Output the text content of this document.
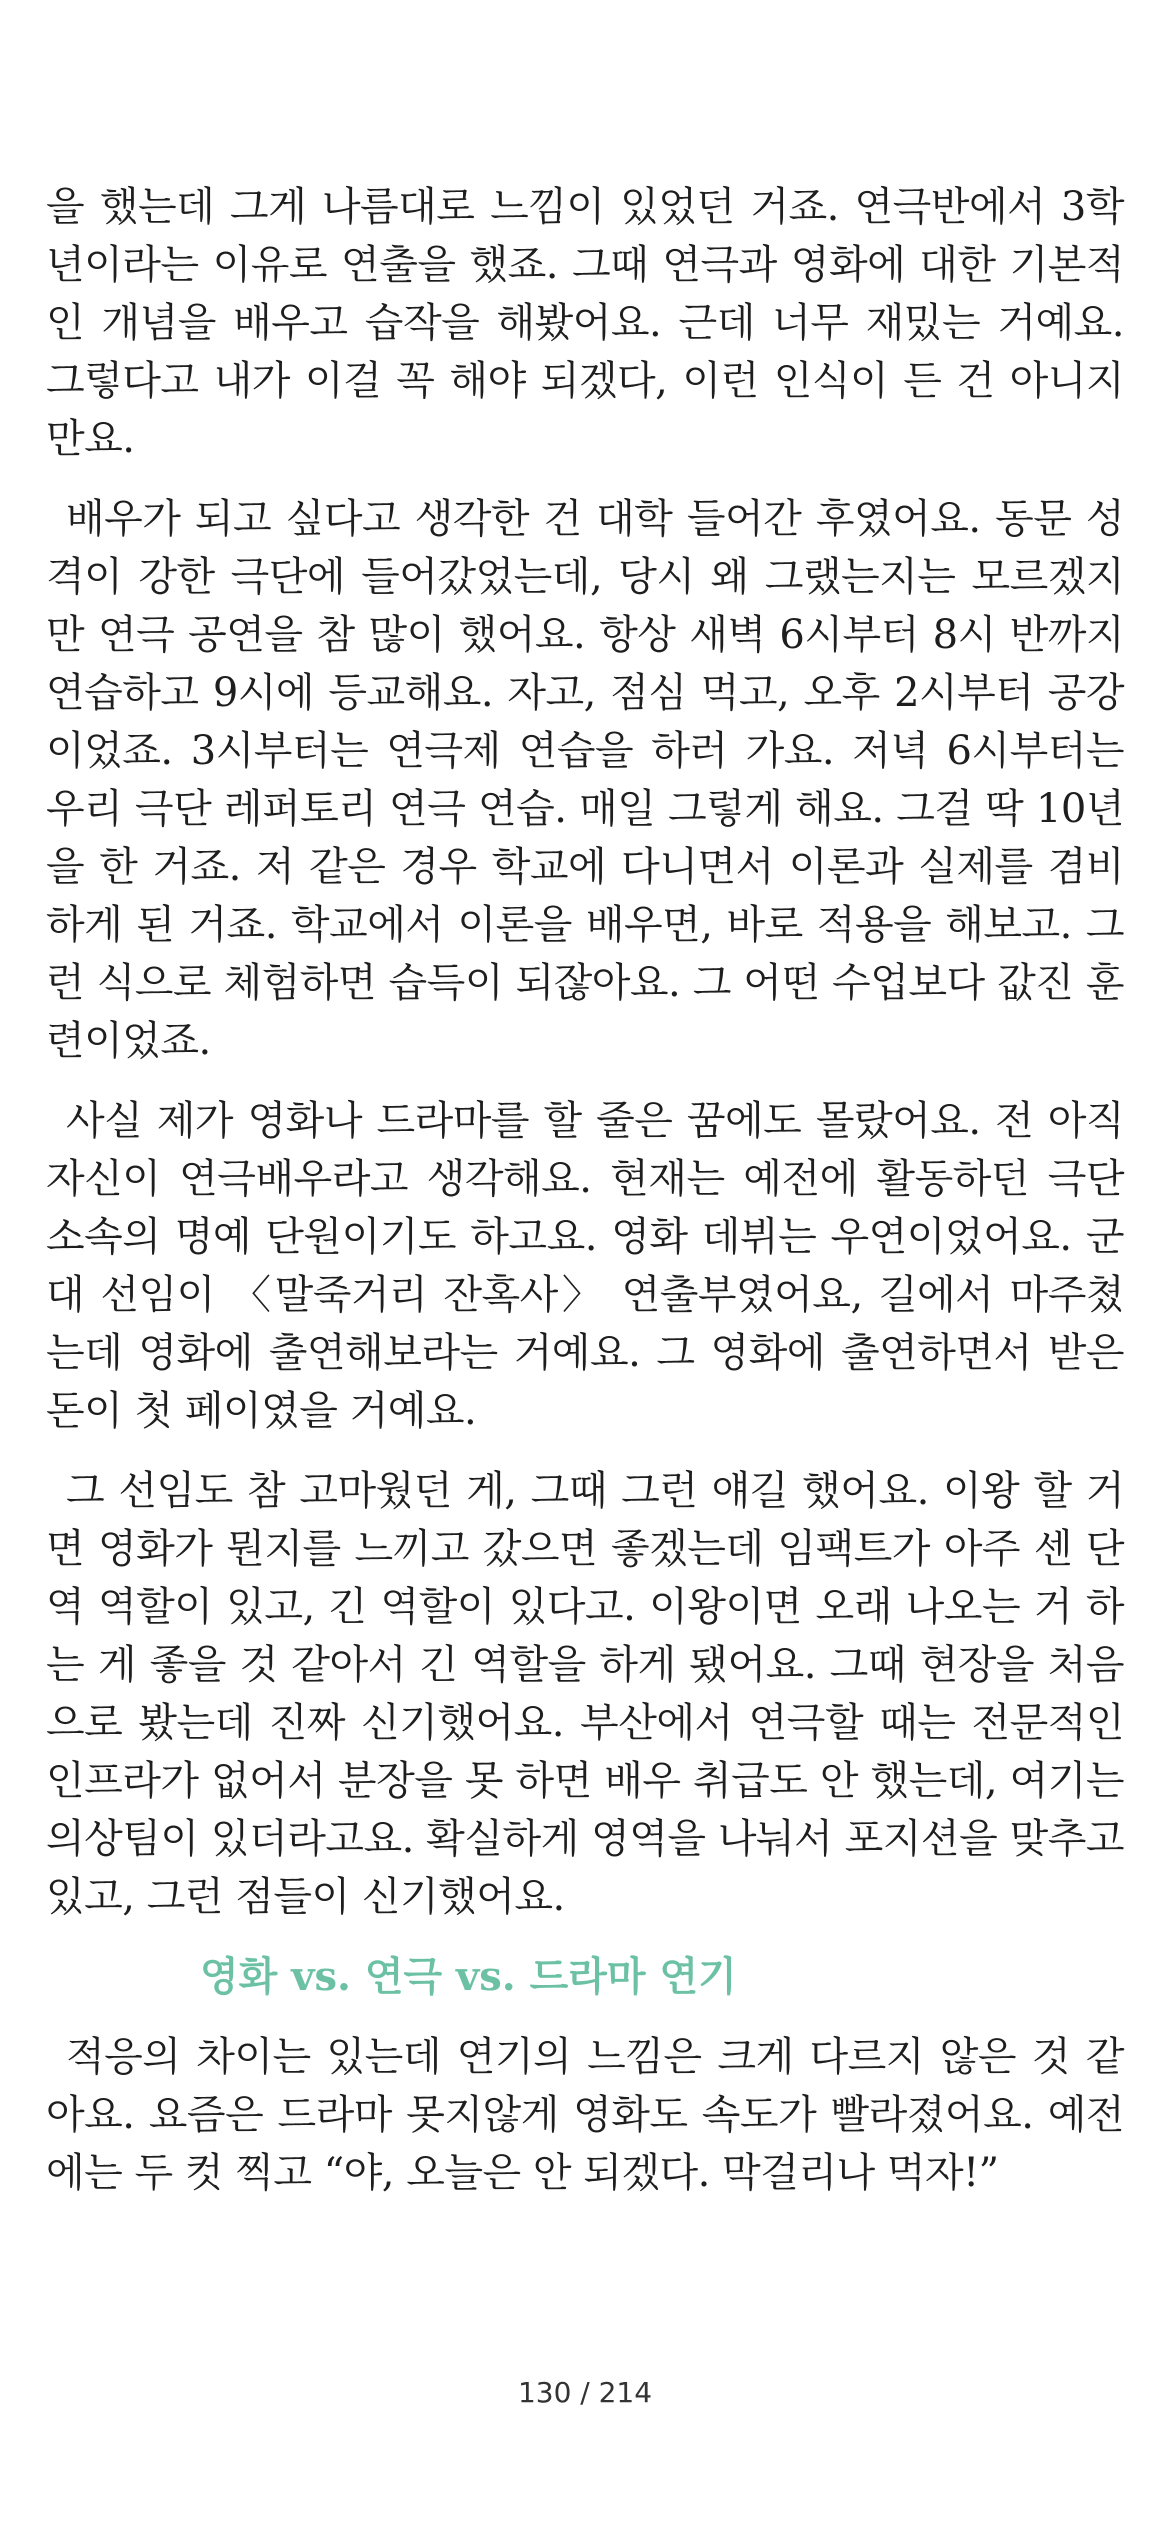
을 했는데 그게 나름대로 느낌이 있었던 거죠. 연극반에서 3학년이라는 이유로 연출을 했죠. 그때 연극과 영화에 대한 기본적인 개념을 배우고 습작을 해봤어요. 근데 너무 재밌는 거예요. 그렇다고 내가 이걸 꼭 해야 되겠다, 이런 인식이 든 건 아니지만요.

배우가 되고 싶다고 생각한 건 대학 들어간 후였어요. 동문 성격이 강한 극단에 들어갔었는데, 당시 왜 그랬는지는 모르겠지만 연극 공연을 참 많이 했어요. 항상 새벽 6시부터 8시 반까지 연습하고 9시에 등교해요. 자고, 점심 먹고, 오후 2시부터 공강이었죠. 3시부터는 연극제 연습을 하러 가요. 저녁 6시부터는 우리 극단 레퍼토리 연극 연습. 매일 그렇게 해요. 그걸 딱 10년을 한 거죠. 저 같은 경우 학교에 다니면서 이론과 실제를 겸비하게 된 거죠. 학교에서 이론을 배우면, 바로 적용을 해보고. 그런 식으로 체험하면 습득이 되잖아요. 그 어떤 수업보다 값진 훈련이었죠.

사실 제가 영화나 드라마를 할 줄은 꿈에도 몰랐어요. 전 아직 자신이 연극배우라고 생각해요. 현재는 예전에 활동하던 극단 소속의 명예 단원이기도 하고요. 영화 데뷔는 우연이었어요. 군대 선임이 〈말죽거리 잔혹사〉 연출부였어요, 길에서 마주쳤는데 영화에 출연해보라는 거예요. 그 영화에 출연하면서 받은 돈이 첫 페이였을 거예요.

그 선임도 참 고마웠던 게, 그때 그런 얘길 했어요. 이왕 할 거면 영화가 뭔지를 느끼고 갔으면 좋겠는데 임팩트가 아주 센 단역 역할이 있고, 긴 역할이 있다고. 이왕이면 오래 나오는 거 하는 게 좋을 것 같아서 긴 역할을 하게 됐어요. 그때 현장을 처음으로 봤는데 진짜 신기했어요. 부산에서 연극할 때는 전문적인 인프라가 없어서 분장을 못 하면 배우 취급도 안 했는데, 여기는 의상팀이 있더라고요. 확실하게 영역을 나눠서 포지션을 맞추고 있고, 그런 점들이 신기했어요.

영화 vs. 연극 vs. 드라마 연기

적응의 차이는 있는데 연기의 느낌은 크게 다르지 않은 것 같아요. 요즘은 드라마 못지않게 영화도 속도가 빨라졌어요. 예전에는 두 컷 찍고 “야, 오늘은 안 되겠다. 막걸리나 먹자!”

130 / 214
